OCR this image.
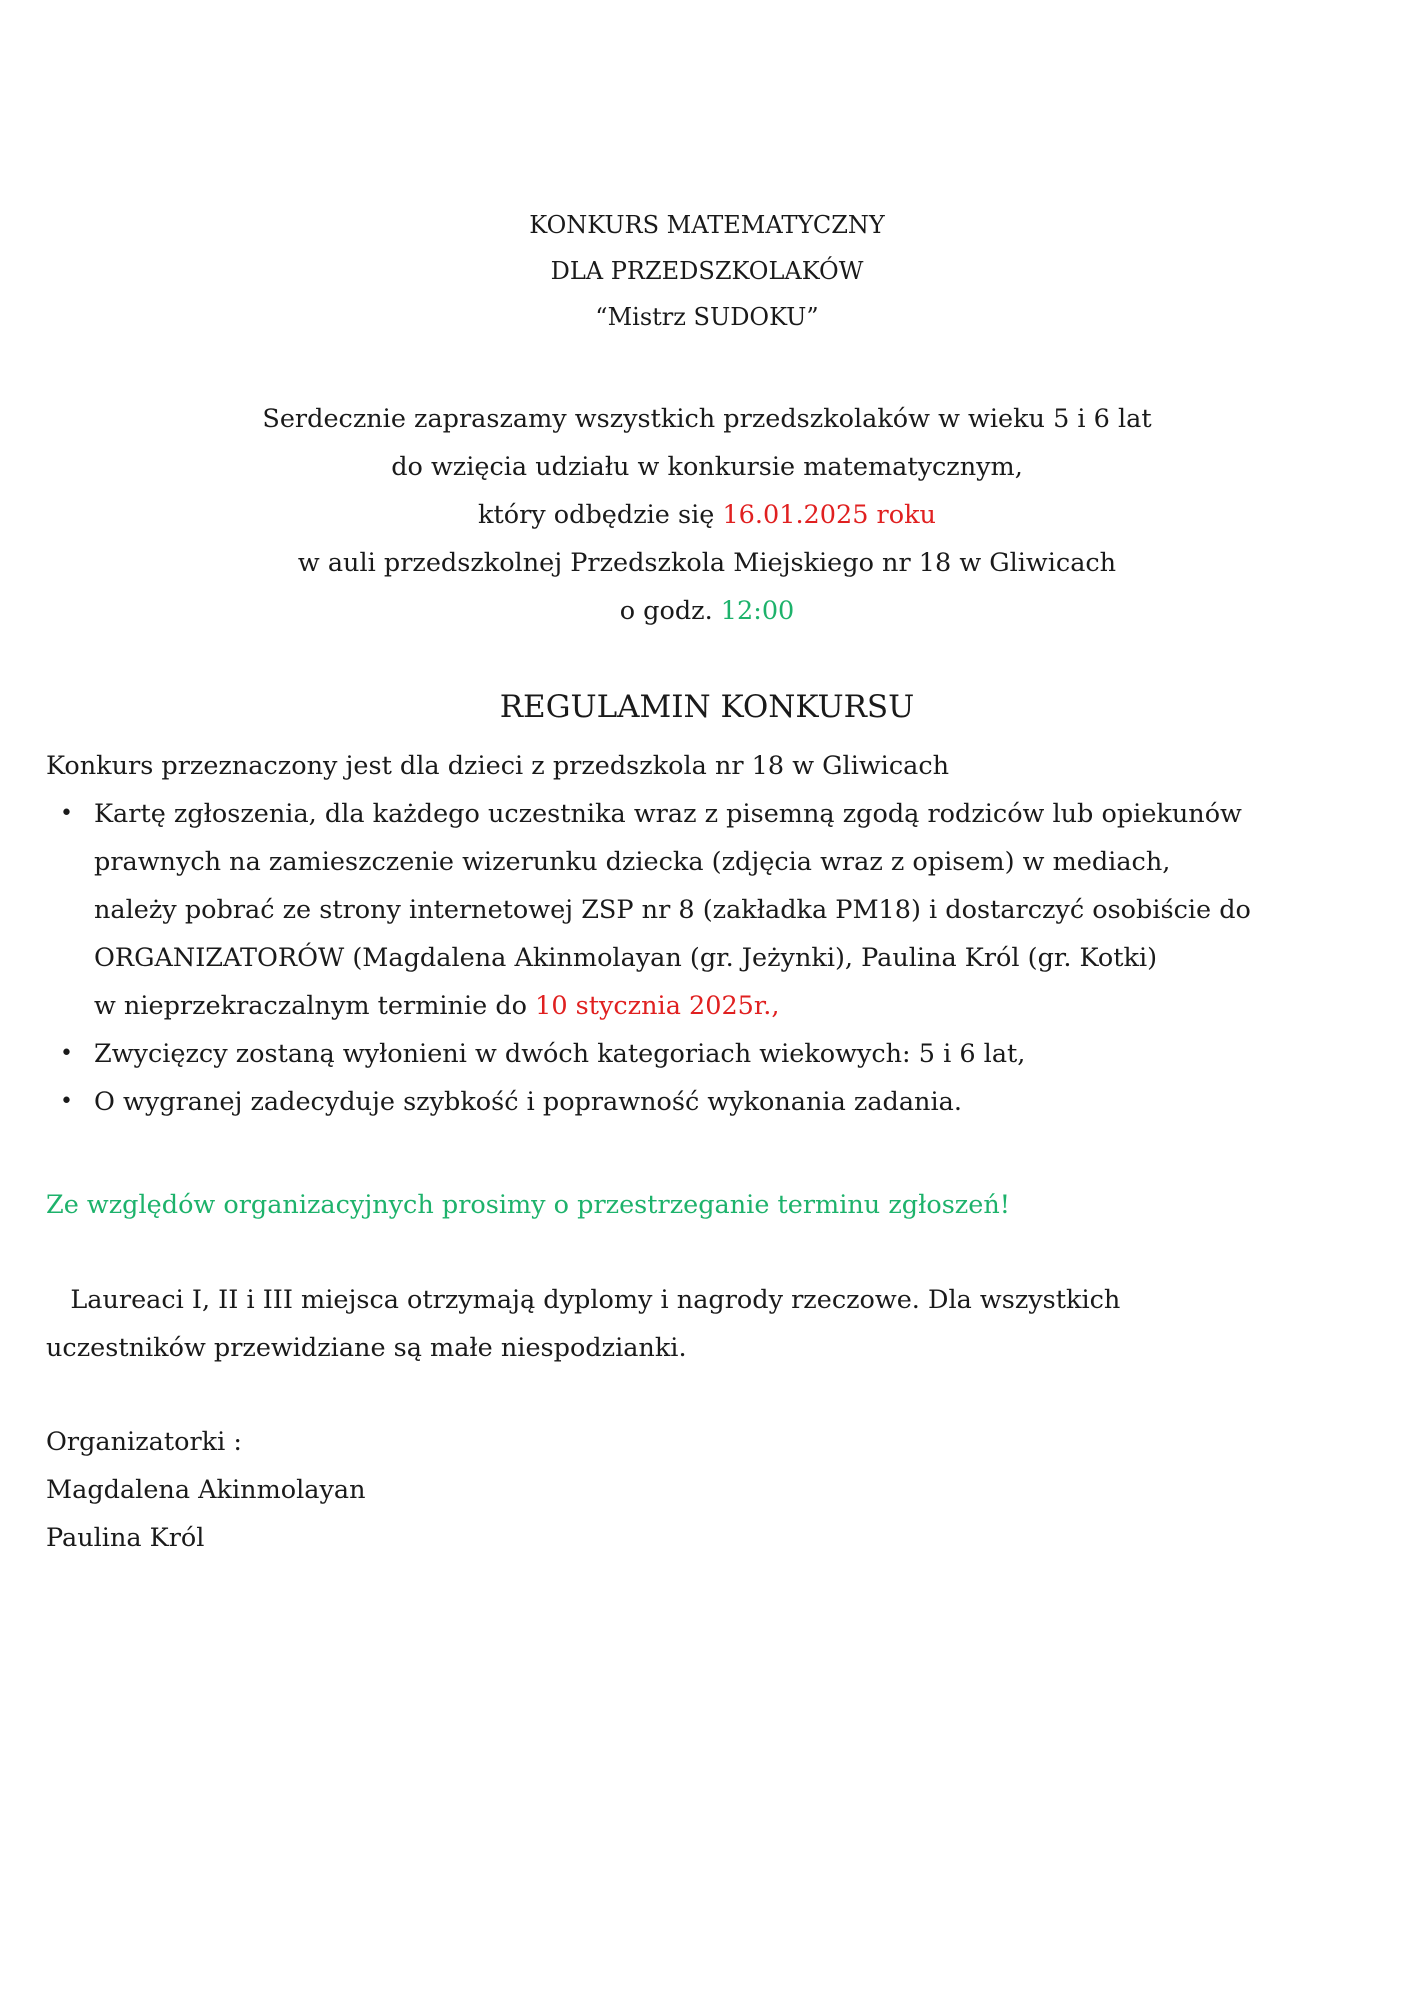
KONKURS MATEMATYCZNY
DLA PRZEDSZKOLAKÓW
“Mistrz SUDOKU”
Serdecznie zapraszamy wszystkich przedszkolaków w wieku 5 i 6 lat
do wzięcia udziału w konkursie matematycznym,
który odbędzie się 16.01.2025 roku
w auli przedszkolnej Przedszkola Miejskiego nr 18 w Gliwicach
o godz. 12:00
REGULAMIN KONKURSU
Konkurs przeznaczony jest dla dzieci z przedszkola nr 18 w Gliwicach
• Kartę zgłoszenia, dla każdego uczestnika wraz z pisemną zgodą rodziców lub opiekunów
prawnych na zamieszczenie wizerunku dziecka (zdjęcia wraz z opisem) w mediach,
należy pobrać ze strony internetowej ZSP nr 8 (zakładka PM18) i dostarczyć osobiście do
ORGANIZATORÓW (Magdalena Akinmolayan (gr. Jeżynki), Paulina Król (gr. Kotki)
w nieprzekraczalnym terminie do 10 stycznia 2025r.,
• Zwycięzcy zostaną wyłonieni w dwóch kategoriach wiekowych: 5 i 6 lat,
• O wygranej zadecyduje szybkość i poprawność wykonania zadania.
Ze względów organizacyjnych prosimy o przestrzeganie terminu zgłoszeń!
Laureaci I, II i III miejsca otrzymają dyplomy i nagrody rzeczowe. Dla wszystkich
uczestników przewidziane są małe niespodzianki.
Organizatorki :
Magdalena Akinmolayan
Paulina Król
